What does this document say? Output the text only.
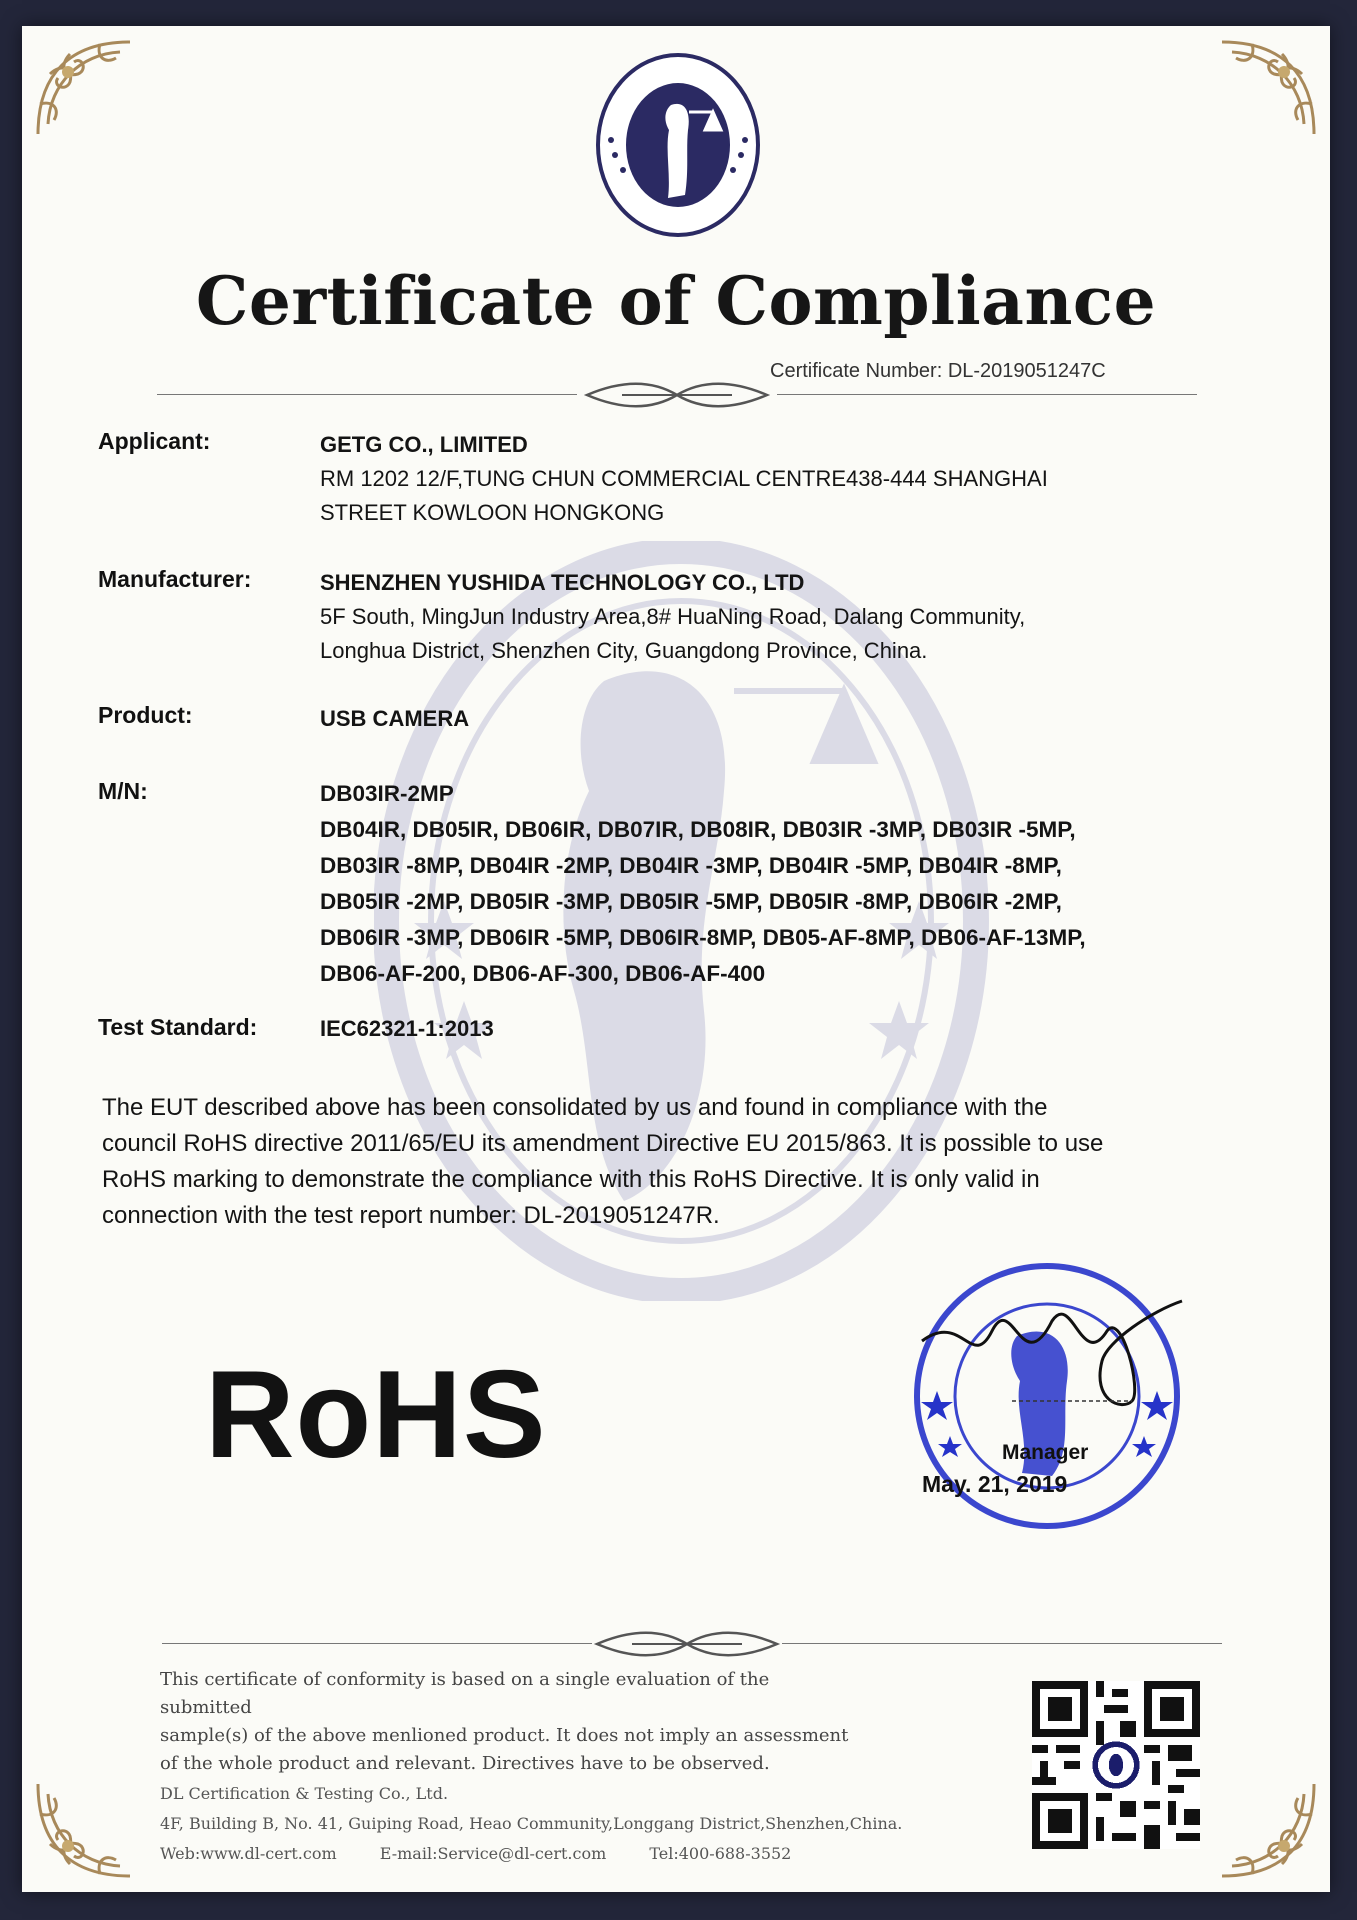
Certificate of Compliance
Certificate Number: DL-2019051247C
Applicant:	GETG CO., LIMITED
RM 1202 12/F,TUNG CHUN COMMERCIAL CENTRE438-444 SHANGHAI
STREET KOWLOON HONGKONG
Manufacturer:	SHENZHEN YUSHIDA TECHNOLOGY CO., LTD
5F South, MingJun Industry Area,8# HuaNing Road, Dalang Community,
Longhua District, Shenzhen City, Guangdong Province, China.
Product:	USB CAMERA
M/N:	DB03IR-2MP
DB04IR, DB05IR, DB06IR, DB07IR, DB08IR, DB03IR -3MP, DB03IR -5MP,
DB03IR -8MP, DB04IR -2MP, DB04IR -3MP, DB04IR -5MP, DB04IR -8MP,
DB05IR -2MP, DB05IR -3MP, DB05IR -5MP, DB05IR -8MP, DB06IR -2MP,
DB06IR -3MP, DB06IR -5MP, DB06IR-8MP, DB05-AF-8MP, DB06-AF-13MP,
DB06-AF-200, DB06-AF-300, DB06-AF-400
Test Standard:	IEC62321-1:2013
The EUT described above has been consolidated by us and found in compliance with the
council RoHS directive 2011/65/EU its amendment Directive EU 2015/863. It is possible to use
RoHS marking to demonstrate the compliance with this RoHS Directive. It is only valid in
connection with the test report number: DL-2019051247R.
RoHS	Manager
May. 21, 2019
This certificate of conformity is based on a single evaluation of the submitted
sample(s) of the above menlioned product. It does not imply an assessment
of the whole product and relevant. Directives have to be observed.
DL Certification & Testing Co., Ltd.
4F, Building B, No. 41, Guiping Road, Heao Community,Longgang District,Shenzhen,China.
Web:www.dl-cert.com	E-mail:Service@dl-cert.com	Tel:400-688-3552
